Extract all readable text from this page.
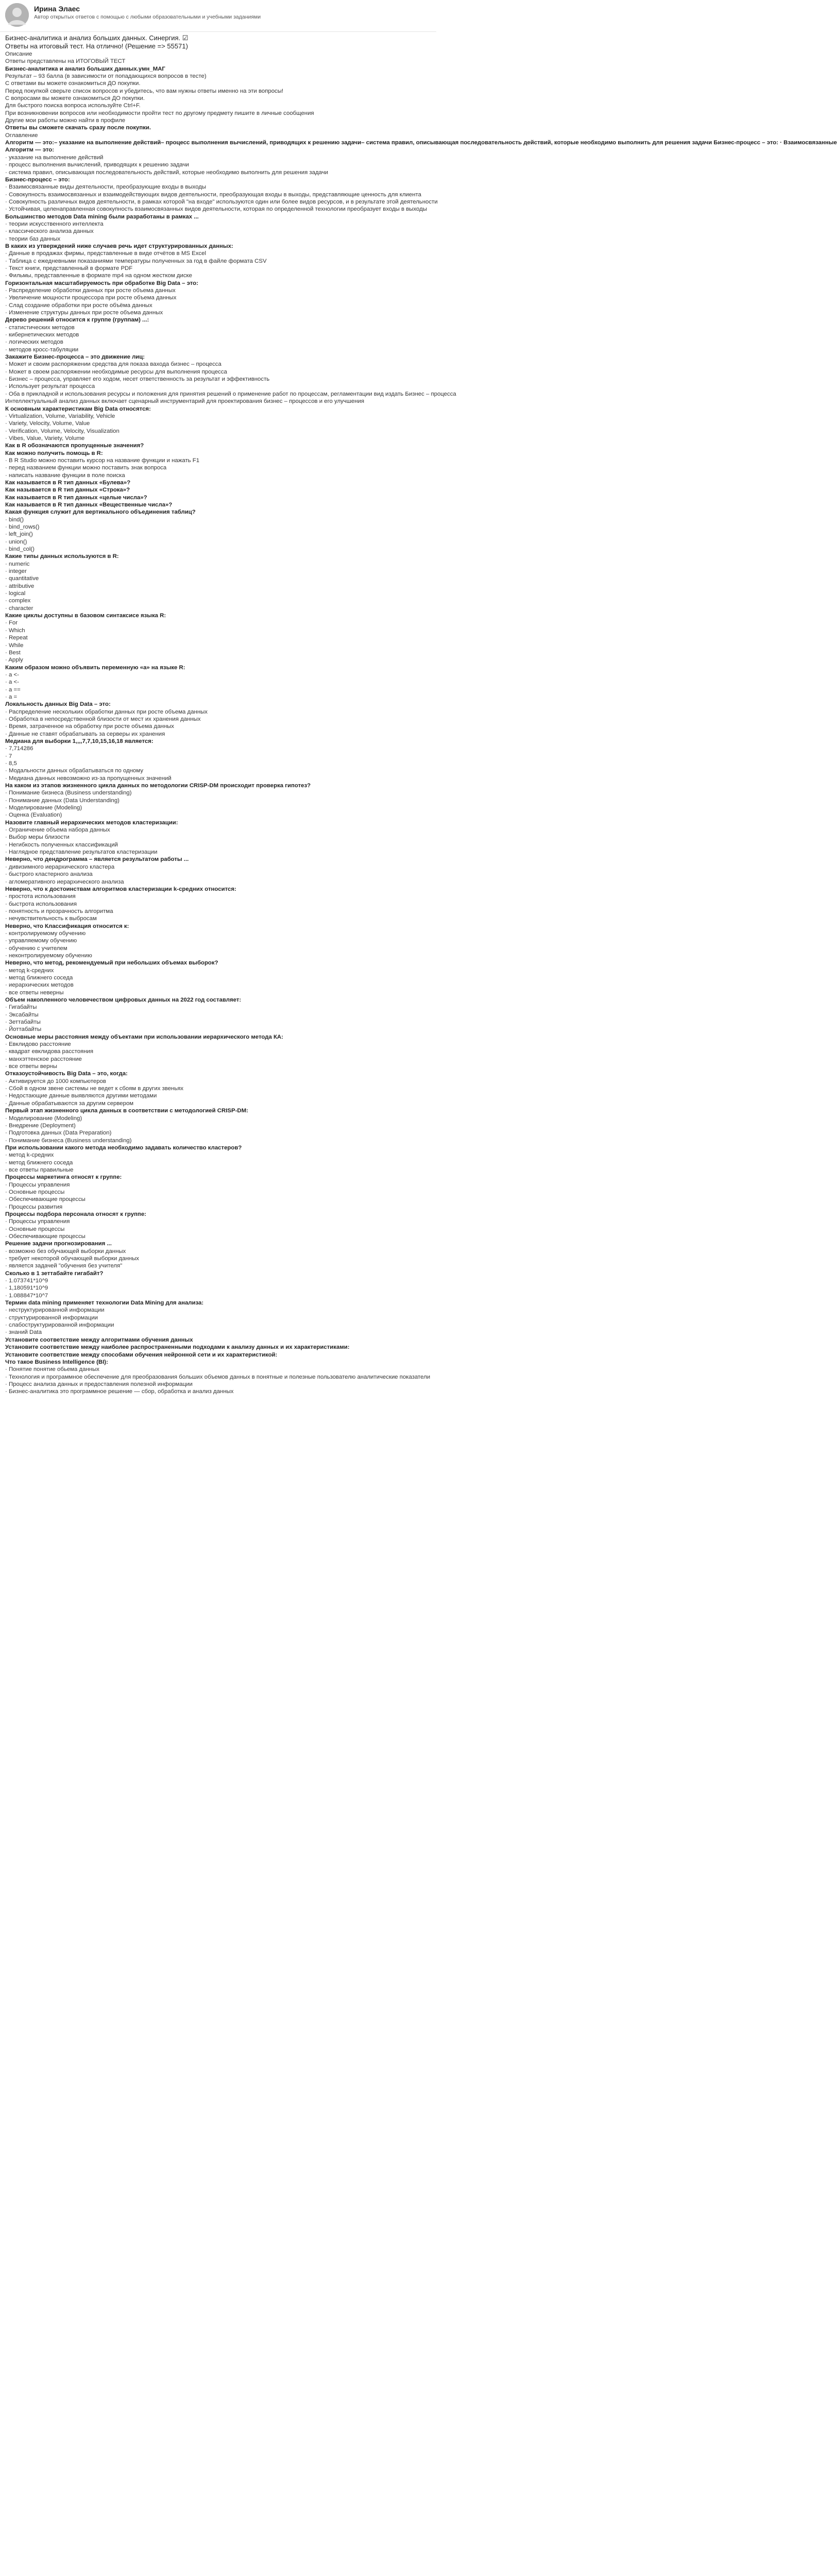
Ирина Элаес
Автор открытых ответов с помощью с любыми образовательными и учебными заданиями
Бизнес-аналитика и анализ больших данных. Синергия. ☑
Ответы на итоговый тест. На отлично! (Решение => 55571)
Описание
Ответы представлены на ИТОГОВЫЙ ТЕСТ
Бизнес-аналитика и анализ больших данных.умн_МАГ
Результат – 93 балла (в зависимости от попадающихся вопросов в тесте)
С ответами вы можете ознакомиться ДО покупки.
Перед покупкой сверьте список вопросов и убедитесь, что вам нужны ответы именно на эти вопросы!
С вопросами вы можете ознакомиться ДО покупки.
Для быстрого поиска вопроса используйте Ctrl+F.
При возникновении вопросов или необходимости пройти тест по другому предмету пишите в личные сообщения
Другие мои работы можно найти в профиле
Ответы вы сможете скачать сразу после покупки.
Оглавление
Алгоритм — это:– указание на выполнение действий– процесс выполнения вычислений, приводящих к решению задачи– система правил, описывающая последовательность действий, которые необходимо выполнить для решения задачи Бизнес-процесс – это: · Взаимосвязанные
Алгоритм — это:
· указание на выполнение действий
· процесс выполнения вычислений, приводящих к решению задачи
· система правил, описывающая последовательность действий, которые необходимо выполнить для решения задачи
Бизнес-процесс – это:
· Взаимосвязанные виды деятельности, преобразующие входы в выходы
· Совокупность взаимосвязанных и взаимодействующих видов деятельности, преобразующая входы в выходы, представляющие ценность для клиента
· Совокупность различных видов деятельности, в рамках которой "на входе" используются один или более видов ресурсов, и в результате этой деятельности
· Устойчивая, целенаправленная совокупность взаимосвязанных видов деятельности, которая по определенной технологии преобразует входы в выходы
Большинство методов Data mining были разработаны в рамках ...
· теории искусственного интеллекта
· классического анализа данных
· теории баз данных
В каких из утверждений ниже случаев речь идет структурированных данных:
· Данные в продажах фирмы, представленные в виде отчётов в MS Excel
· Таблица с ежедневными показаниями температуры полученных за год в файле формата CSV
· Текст книги, представленный в формате PDF
· Фильмы, представленные в формате mp4 на одном жестком диске
Горизонтальная масштабируемость при обработке Big Data – это:
· Распределение обработки данных при росте объема данных
· Увеличение мощности процессора при росте объема данных
· Слад создание обработки при росте объёма данных
· Изменение структуры данных при росте объема данных
Дерево решений относится к группе (группам) ...:
· статистических методов
· кибернетических методов
· логических методов
· методов кросс-табуляции
Закажите Бизнес-процесса – это движение лиц:
· Может и своим распоряжении средства для показа вахода бизнес – процесса
· Может в своем распоряжении необходимые ресурсы для выполнения процесса
· Бизнес – процесса, управляет его ходом, несет ответственность за результат и эффективность
· Использует результат процесса
· Оба в прикладной и использования ресурсы и положения для принятия решений о применение работ по процессам, регламентации вид издать Бизнес – процесса
Интеллектуальный анализ данных включает сценарный инструментарий для проектирования бизнес – процессов и его улучшения
К основным характеристикам Big Data относятся:
· Virtualization, Volume, Variability, Vehicle
· Variety, Velocity, Volume, Value
· Verification, Volume, Velocity, Visualization
· Vibes, Value, Variety, Volume
Как в R обозначаются пропущенные значения?
Как можно получить помощь в R:
· В R Studio можно поставить курсор на название функции и нажать F1
· перед названием функции можно поставить знак вопроса
· написать название функции в поле поиска
Как называется в R тип данных «Булева»?
Как называется в R тип данных «Строка»?
Как называется в R тип данных «целые числа»?
Как называется в R тип данных «Вещественные числа»?
Какая функция служит для вертикального объединения таблиц?
· bind()
· bind_rows()
· left_join()
· union()
· bind_col()
Какие типы данных используются в R:
· numeric
· integer
· quantitative
· attributive
· logical
· complex
· character
Какие циклы доступны в базовом синтаксисе языка R:
· For
· Which
· Repeat
· While
· Best
· Apply
Каким образом можно объявить переменную «a» на языке R:
· a <-
· a <-
· a ==
· a =
Локальность данных Big Data – это:
· Распределение нескольких обработки данных при росте объема данных
· Обработка в непосредственной близости от мест их хранения данных
· Время, затраченное на обработку при росте объема данных
· Данные не ставят обрабатывать за серверы их хранения
Медиана для выборки 1,,,,7,7,10,15,16,18 является:
· 7,714286
· 7
· 8,5
· Модальности данных обрабатываться по одному
· Медиана данных невозможно из-за пропущенных значений
На каком из этапов жизненного цикла данных по методологии CRISP-DM происходит проверка гипотез?
· Понимание бизнеса (Business understanding)
· Понимание данных (Data Understanding)
· Моделирование (Modeling)
· Оценка (Evaluation)
Назовите главный иерархических методов кластеризации:
· Ограничение объема набора данных
· Выбор меры близости
· Негибкость полученных классификаций
· Наглядное представление результатов кластеризации
Неверно, что дендрограмма – является результатом работы ...
· дивизимного иерархического кластера
· быстрого кластерного анализа
· агломеративного иерархического анализа
Неверно, что к достоинствам алгоритмов кластеризации k-средних относится:
· простота использования
· быстрота использования
· понятность и прозрачность алгоритма
· нечувствительность к выбросам
Неверно, что Классификация относится к:
· контролируемому обучению
· управляемому обучению
· обучению с учителем
· неконтролируемому обучению
Неверно, что метод, рекомендуемый при небольших объемах выборок?
· метод k-средних
· метод ближнего соседа
· иерархических методов
· все ответы неверны
Объем накопленного человечеством цифровых данных на 2022 год составляет:
· Гигабайты
· Эксабайты
· Зеттабайты
· Йоттабайты
Основные меры расстояния между объектами при использовании иерархического метода КА:
· Евклидово расстояние
· квадрат евклидова расстояния
· манхэттенское расстояние
· все ответы верны
Отказоустойчивость Big Data – это, когда:
· Активируется до 1000 компьютеров
· Сбой в одном звене системы не ведет к сбоям в других звеньях
· Недостающие данные выявляются другими методами
· Данные обрабатываются за другим сервером
Первый этап жизненного цикла данных в соответствии с методологией CRISP-DM:
· Моделирование (Modeling)
· Внедрение (Deployment)
· Подготовка данных (Data Preparation)
· Понимание бизнеса (Business understanding)
При использовании какого метода необходимо задавать количество кластеров?
· метод k-средних
· метод ближнего соседа
· все ответы правильные
Процессы маркетинга относят к группе:
· Процессы управления
· Основные процессы
· Обеспечивающие процессы
· Процессы развития
Процессы подбора персонала относят к группе:
· Процессы управления
· Основные процессы
· Обеспечивающие процессы
Решение задачи прогнозирования ...
· возможно без обучающей выборки данных
· требует некоторой обучающей выборки данных
· является задачей "обучения без учителя"
Сколько в 1 зеттабайте гигабайт?
· 1.073741*10^9
· 1,180591*10^9
· 1.088847*10^7
Термин data mining применяет технологии Data Mining для анализа:
· неструктурированной информации
· структурированной информации
· слабоструктурированной информации
· знаний Data
Установите соответствие между алгоритмами обучения данных
Установите соответствие между наиболее распространенными подходами к анализу данных и их характеристиками:
Установите соответствие между способами обучения нейронной сети и их характеристикой:
Что такое Business Intelligence (BI):
· Понятие понятие обьема данных
· Технология и программное обеспечение для преобразования больших объемов данных в понятные и полезные пользователю аналитические показатели
· Процесс анализа данных и предоставления полезной информации
· Бизнес-аналитика это программное решение — сбор, обработка и анализ данных
